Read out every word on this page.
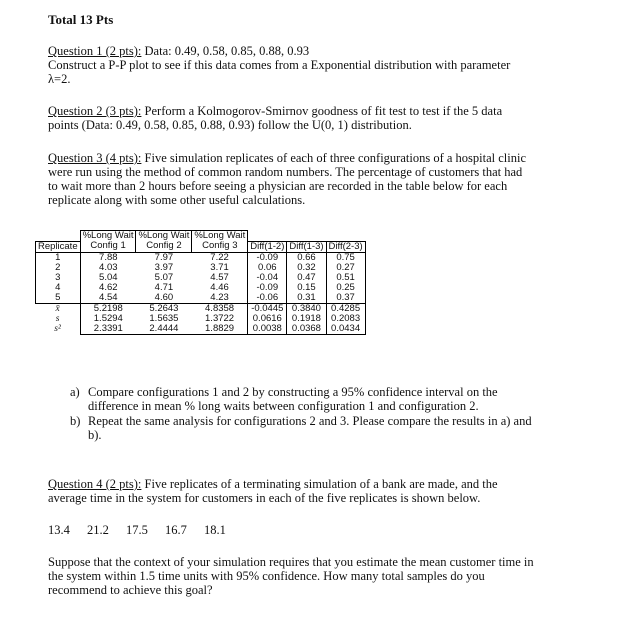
Total 13 Pts
Question 1 (2 pts): Data: 0.49, 0.58, 0.85, 0.88, 0.93
Construct a P-P plot to see if this data comes from a Exponential distribution with parameter
λ=2.
Question 2 (3 pts): Perform a Kolmogorov-Smirnov goodness of fit test to test if the 5 data
points (Data: 0.49, 0.58, 0.85, 0.88, 0.93) follow the U(0, 1) distribution.
Question 3 (4 pts): Five simulation replicates of each of three configurations of a hospital clinic
were run using the method of common random numbers. The percentage of customers that had
to wait more than 2 hours before seeing a physician are recorded in the table below for each
replicate along with some other useful calculations.
	%Long Wait	%Long Wait	%Long Wait			
Replicate	Config 1	Config 2	Config 3	Diff(1-2)	Diff(1-3)	Diff(2-3)
1	7.88	7.97	7.22	-0.09	0.66	0.75
2	4.03	3.97	3.71	0.06	0.32	0.27
3	5.04	5.07	4.57	-0.04	0.47	0.51
4	4.62	4.71	4.46	-0.09	0.15	0.25
5	4.54	4.60	4.23	-0.06	0.31	0.37
x̄	5.2198	5.2643	4.8358	-0.0445	0.3840	0.4285
s	1.5294	1.5635	1.3722	0.0616	0.1918	0.2083
s²	2.3391	2.4444	1.8829	0.0038	0.0368	0.0434
a) Compare configurations 1 and 2 by constructing a 95% confidence interval on the
difference in mean % long waits between configuration 1 and configuration 2.
b) Repeat the same analysis for configurations 2 and 3. Please compare the results in a) and
b).
Question 4 (2 pts): Five replicates of a terminating simulation of a bank are made, and the
average time in the system for customers in each of the five replicates is shown below.
13.4 21.2 17.5 16.7 18.1
Suppose that the context of your simulation requires that you estimate the mean customer time in
the system within 1.5 time units with 95% confidence. How many total samples do you
recommend to achieve this goal?
